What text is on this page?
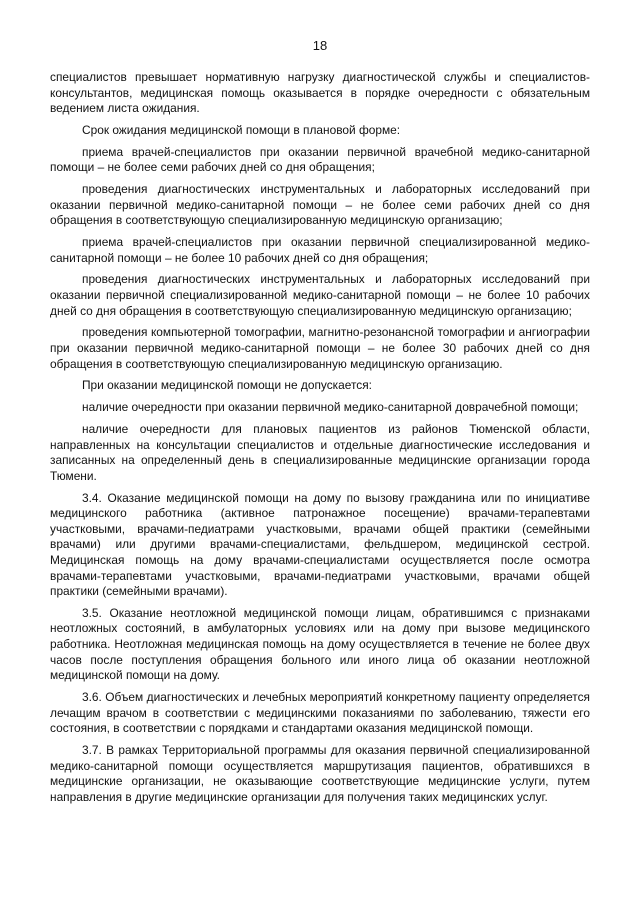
18

специалистов превышает нормативную нагрузку диагностической службы и специалистов-консультантов, медицинская помощь оказывается в порядке очередности с обязательным ведением листа ожидания.

Срок ожидания медицинской помощи в плановой форме:

приема врачей-специалистов при оказании первичной врачебной медико-санитарной помощи – не более семи рабочих дней со дня обращения;

проведения диагностических инструментальных и лабораторных исследований при оказании первичной медико-санитарной помощи – не более семи рабочих дней со дня обращения в соответствующую специализированную медицинскую организацию;

приема врачей-специалистов при оказании первичной специализированной медико-санитарной помощи – не более 10 рабочих дней со дня обращения;

проведения диагностических инструментальных и лабораторных исследований при оказании первичной специализированной медико-санитарной помощи – не более 10 рабочих дней со дня обращения в соответствующую специализированную медицинскую организацию;

проведения компьютерной томографии, магнитно-резонансной томографии и ангиографии при оказании первичной медико-санитарной помощи – не более 30 рабочих дней со дня обращения в соответствующую специализированную медицинскую организацию.

При оказании медицинской помощи не допускается:

наличие очередности при оказании первичной медико-санитарной доврачебной помощи;

наличие очередности для плановых пациентов из районов Тюменской области, направленных на консультации специалистов и отдельные диагностические исследования и записанных на определенный день в специализированные медицинские организации города Тюмени.

3.4. Оказание медицинской помощи на дому по вызову гражданина или по инициативе медицинского работника (активное патронажное посещение) врачами-терапевтами участковыми, врачами-педиатрами участковыми, врачами общей практики (семейными врачами) или другими врачами-специалистами, фельдшером, медицинской сестрой. Медицинская помощь на дому врачами-специалистами осуществляется после осмотра врачами-терапевтами участковыми, врачами-педиатрами участковыми, врачами общей практики (семейными врачами).

3.5. Оказание неотложной медицинской помощи лицам, обратившимся с признаками неотложных состояний, в амбулаторных условиях или на дому при вызове медицинского работника. Неотложная медицинская помощь на дому осуществляется в течение не более двух часов после поступления обращения больного или иного лица об оказании неотложной медицинской помощи на дому.

3.6. Объем диагностических и лечебных мероприятий конкретному пациенту определяется лечащим врачом в соответствии с медицинскими показаниями по заболеванию, тяжести его состояния, в соответствии с порядками и стандартами оказания медицинской помощи.

3.7. В рамках Территориальной программы для оказания первичной специализированной медико-санитарной помощи осуществляется маршрутизация пациентов, обратившихся в медицинские организации, не оказывающие соответствующие медицинские услуги, путем направления в другие медицинские организации для получения таких медицинских услуг.
